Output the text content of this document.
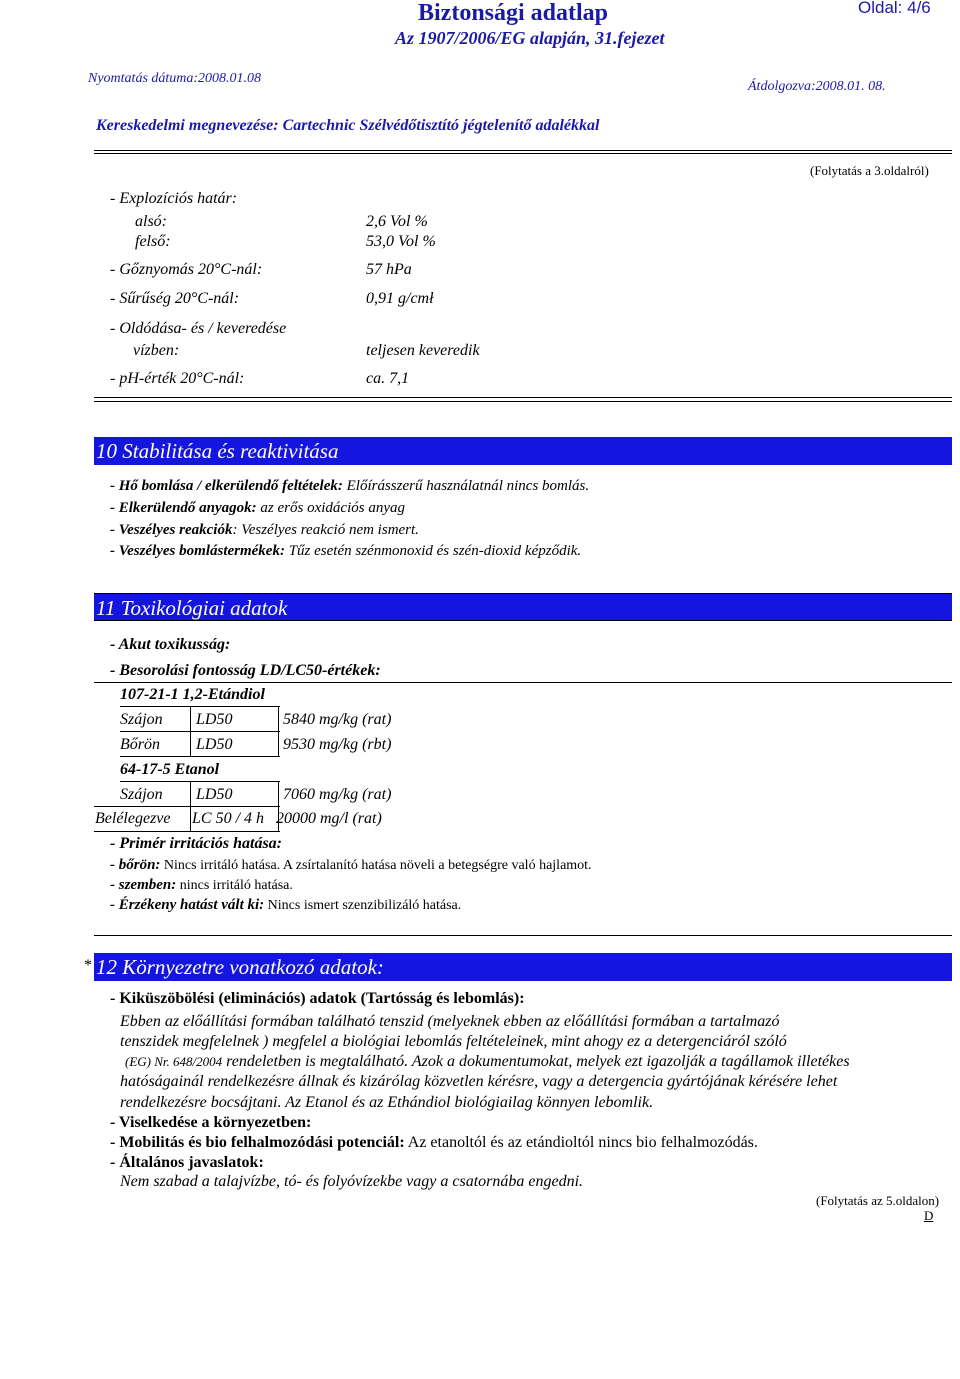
Biztonsági adatlap
Az 1907/2006/EG alapján, 31.fejezet
Oldal: 4/6
Nyomtatás dátuma:2008.01.08
Átdolgozva:2008.01. 08.
Kereskedelmi megnevezése: Cartechnic Szélvédőtisztító jégtelenítő adalékkal
(Folytatás a 3.oldalról)
- Explozíciós határ:
alsó:	2,6 Vol %
felső:	53,0 Vol %
- Gőznyomás 20°C-nál:	57 hPa
- Sűrűség 20°C-nál:	0,91 g/cmł
- Oldódása- és / keveredése
vízben:	teljesen keveredik
- pH-érték 20°C-nál:	ca. 7,1
10 Stabilitása és reaktivitása
- Hő bomlása / elkerülendő feltételek: Előírásszerű használatnál nincs bomlás.
- Elkerülendő anyagok: az erős oxidációs anyag
- Veszélyes reakciók: Veszélyes reakció nem ismert.
- Veszélyes bomlástermékek: Tűz esetén szénmonoxid és szén-dioxid képződik.
11 Toxikológiai adatok
- Akut toxikusság:
- Besorolási fontosság LD/LC50-értékek:
107-21-1 1,2-Etándiol
Szájon LD50	5840 mg/kg (rat)
Bőrön LD50	9530 mg/kg (rbt)
64-17-5 Etanol
Szájon LD50	7060 mg/kg (rat)
Belélegezve LC 50 / 4 h 20000 mg/l (rat)
- Primér irritációs hatása:
- bőrön: Nincs irritáló hatása. A zsírtalanító hatása növeli a betegségre való hajlamot.
- szemben: nincs irritáló hatása.
- Érzékeny hatást vált ki: Nincs ismert szenzibilizáló hatása.
* 12 Környezetre vonatkozó adatok:
- Kiküszöbölési (eliminációs) adatok (Tartósság és lebomlás):
Ebben az előállítási formában található tenszid (melyeknek ebben az előállítási formában a tartalmazó
tenszidek megfelelnek ) megfelel a biológiai lebomlás feltételeinek, mint ahogy ez a detergenciáról szóló
(EG) Nr. 648/2004 rendeletben is megtalálható. Azok a dokumentumokat, melyek ezt igazolják a tagállamok illetékes
hatóságainál rendelkezésre állnak és kizárólag közvetlen kérésre, vagy a detergencia gyártójának kérésére lehet
rendelkezésre bocsájtani. Az Etanol és az Ethándiol biológiailag könnyen lebomlik.
- Viselkedése a környezetben:
- Mobilitás és bio felhalmozódási potenciál: Az etanoltól és az etándioltól nincs bio felhalmozódás.
- Általános javaslatok:
Nem szabad a talajvízbe, tó- és folyóvízekbe vagy a csatornába engedni.
(Folytatás az 5.oldalon)
D
